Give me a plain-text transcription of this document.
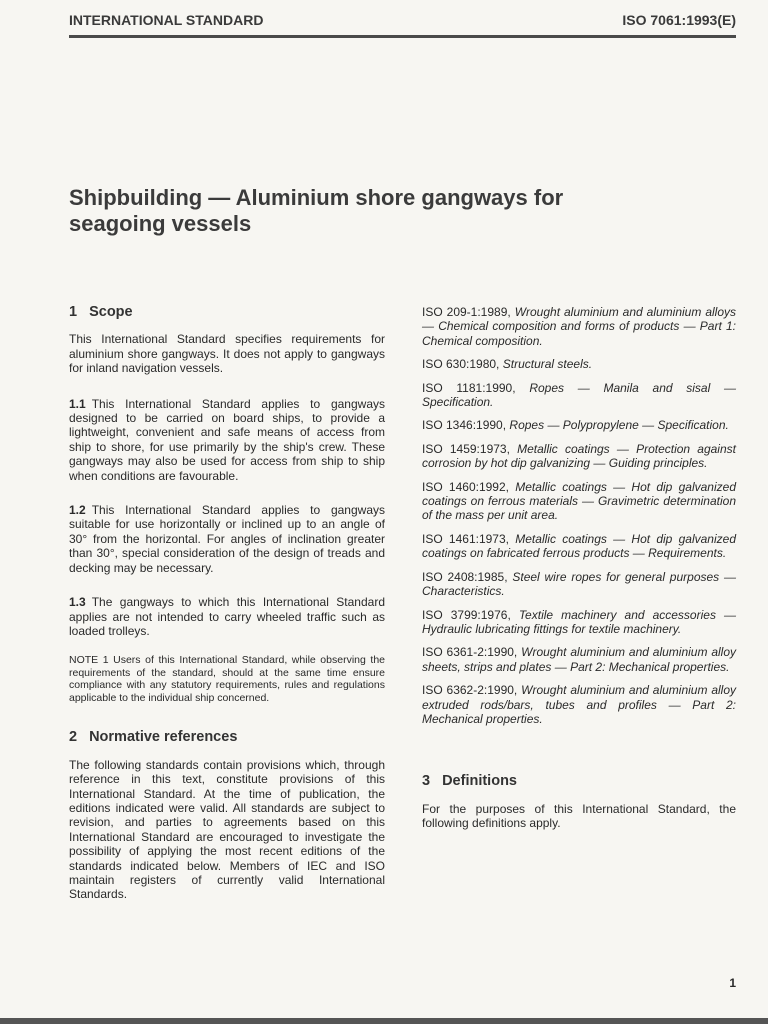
INTERNATIONAL STANDARD	ISO 7061:1993(E)
Shipbuilding — Aluminium shore gangways for
seagoing vessels
1 Scope

This International Standard specifies requirements for aluminium shore gangways. It does not apply to gangways for inland navigation vessels.

1.1 This International Standard applies to gangways designed to be carried on board ships, to provide a lightweight, convenient and safe means of access from ship to shore, for use primarily by the ship's crew. These gangways may also be used for access from ship to ship when conditions are favourable.

1.2 This International Standard applies to gangways suitable for use horizontally or inclined up to an angle of 30° from the horizontal. For angles of inclination greater than 30°, special consideration of the design of treads and decking may be necessary.

1.3 The gangways to which this International Standard applies are not intended to carry wheeled traffic such as loaded trolleys.

NOTE 1 Users of this International Standard, while observing the requirements of the standard, should at the same time ensure compliance with any statutory requirements, rules and regulations applicable to the individual ship concerned.

2 Normative references

The following standards contain provisions which, through reference in this text, constitute provisions of this International Standard. At the time of publication, the editions indicated were valid. All standards are subject to revision, and parties to agreements based on this International Standard are encouraged to investigate the possibility of applying the most recent editions of the standards indicated below. Members of IEC and ISO maintain registers of currently valid International Standards.

ISO 209-1:1989, Wrought aluminium and aluminium alloys — Chemical composition and forms of products — Part 1: Chemical composition.

ISO 630:1980, Structural steels.

ISO 1181:1990, Ropes — Manila and sisal — Specification.

ISO 1346:1990, Ropes — Polypropylene — Specification.

ISO 1459:1973, Metallic coatings — Protection against corrosion by hot dip galvanizing — Guiding principles.

ISO 1460:1992, Metallic coatings — Hot dip galvanized coatings on ferrous materials — Gravimetric determination of the mass per unit area.

ISO 1461:1973, Metallic coatings — Hot dip galvanized coatings on fabricated ferrous products — Requirements.

ISO 2408:1985, Steel wire ropes for general purposes — Characteristics.

ISO 3799:1976, Textile machinery and accessories — Hydraulic lubricating fittings for textile machinery.

ISO 6361-2:1990, Wrought aluminium and aluminium alloy sheets, strips and plates — Part 2: Mechanical properties.

ISO 6362-2:1990, Wrought aluminium and aluminium alloy extruded rods/bars, tubes and profiles — Part 2: Mechanical properties.

3 Definitions

For the purposes of this International Standard, the following definitions apply.

1
